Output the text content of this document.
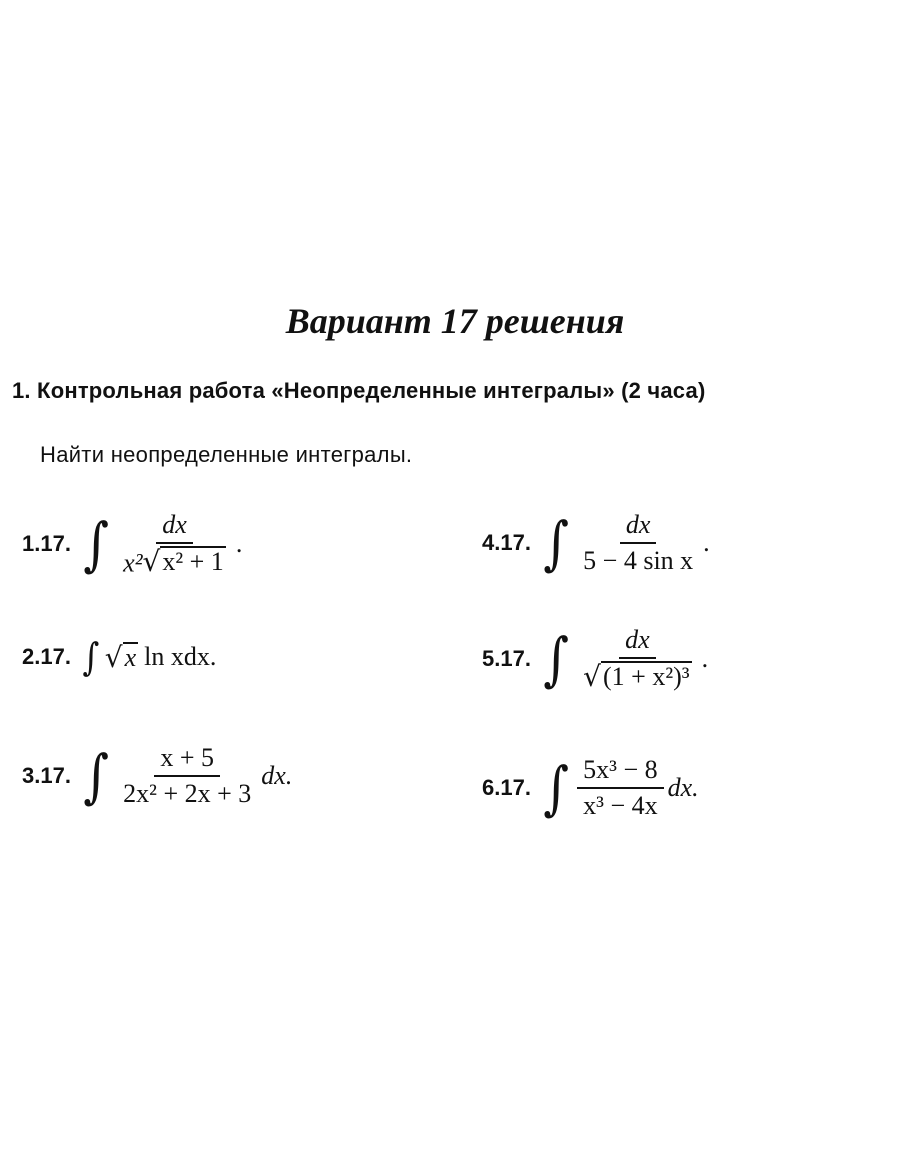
Вариант 17 решения
1. Контрольная работа «Неопределенные интегралы» (2 часа)
Найти неопределенные интегралы.
1.17. ∫ $\frac{dx}{\text{x² √ x² + 1}}$ .
2.17. ∫ √ x ln xdx.
3.17. ∫ $\frac{x + 5}{\text{2x² + 2x + 3}}$ dx.
4.17. ∫ $\frac{dx}{\text{5 − 4 sin x}}$ .
5.17. ∫ $\frac{dx}{\text{√ (1 + x²)³}}$ .
6.17. ∫ $\frac{\text{5x³ − 8}}{\text{x³ − 4x}}$ dx.
